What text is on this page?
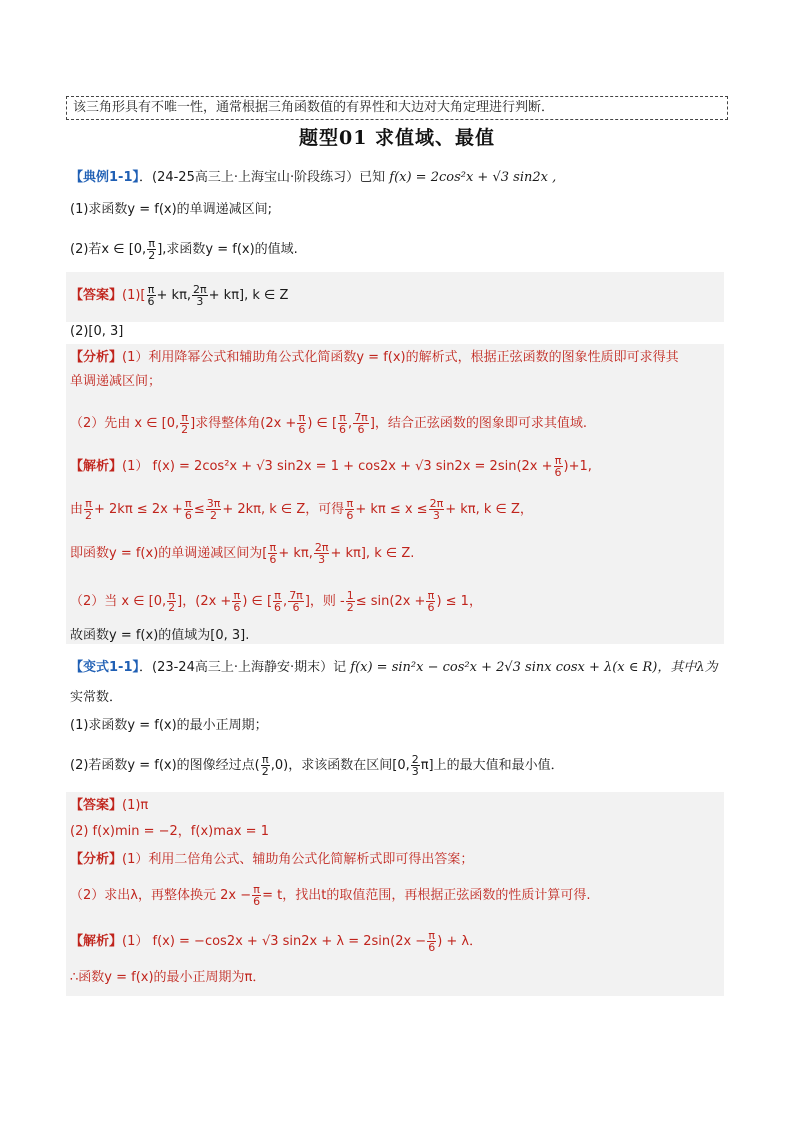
该三角形具有不唯一性，通常根据三角函数值的有界性和大边对大角定理进行判断．
题型01 求值域、最值
【典例1-1】．(24-25高三上·上海宝山·阶段练习）已知 f(x) = 2cos²x + √3 sin2x ,
(1)求函数y = f(x)的单调递减区间;
(2)若x ∈ [0, $\frac{\pi}{2}$ ],求函数y = f(x)的值域.
【答案】$(1)[ \frac{\pi}{6} + k\pi$, $\frac{2\pi}{3} + k\pi$], k ∈ Z
(2)[0, 3]
【分析】(1）利用降幂公式和辅助角公式化简函数y = f(x)的解析式，根据正弦函数的图象性质即可求得其
单调递减区间；
（2）先由 x ∈ [0, $\frac{\pi}{2}$ ]求得整体角($2x + \frac{\pi}{6}$ ) ∈ [ $\frac{\pi}{6}$ , $\frac{7\pi}{6}$ ]，结合正弦函数的图象即可求其值域.
【解析】(1） f(x) = 2cos²x + √3 sin2x = 1 + cos2x + √3 $\sin 2x = 2\sin(2x + \frac{\pi}{6} )+1$,
由 $\frac{\pi}{2} + 2k\pi \le 2x + \frac{\pi}{6} \le \frac{3\pi}{2} + 2k\pi$, k ∈ Z，可得 $\frac{\pi}{6} + k\pi \le x \le \frac{2\pi}{3} + k\pi$, k ∈ Z，
即函数y = f(x)的单调递减区间为[ $\frac{\pi}{6} + k\pi$, $\frac{2\pi}{3} + k\pi$], k ∈ Z.
（2）当 x ∈ [0, $\frac{\pi}{2}$ ]，($2x + \frac{\pi}{6}$ ) ∈ [ $\frac{\pi}{6}$ , $\frac{7\pi}{6}$ ]，则 - $\frac{1}{2} \le \sin(2x + \frac{\pi}{6}$ ) ≤ 1，
故函数y = f(x)的值域为[0, 3].
【变式1-1】．(23-24高三上·上海静安·期末）记 f(x) = sin²x − cos²x + 2√3 sinx cosx + λ(x ∈ R)，其中λ为
实常数．
(1)求函数y = f(x)的最小正周期；
(2)若函数y = f(x)的图像经过点( $\frac{\pi}{2} ,0$)，求该函数在区间[0, $\frac{2}{3} \pi$]上的最大值和最小值．
【答案】(1)π
(2) f(x)min = −2，f(x)max = 1
【分析】(1）利用二倍角公式、辅助角公式化简解析式即可得出答案；
（2）求出λ，再整体换元 $2x - \frac{\pi}{6} = t$，找出t的取值范围，再根据正弦函数的性质计算可得.
【解析】(1） f(x) = −cos2x + √3 $\sin 2x + \lambda = 2\sin(2x - \frac{\pi}{6}$ ) + λ．
∴函数y = f(x)的最小正周期为π．
